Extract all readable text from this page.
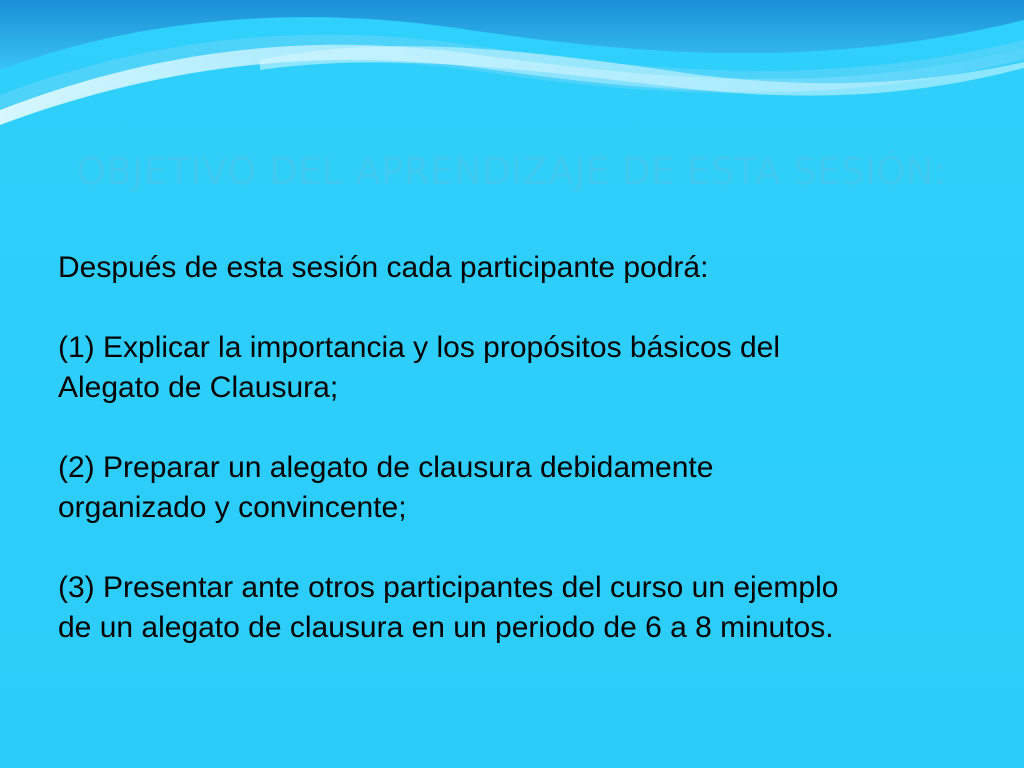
OBJETIVO DEL APRENDIZAJE DE ESTA SESIÓN:

Después de esta sesión cada participante podrá:

(1) Explicar la importancia y los propósitos básicos del
Alegato de Clausura;

(2) Preparar un alegato de clausura debidamente
organizado y convincente;

(3) Presentar ante otros participantes del curso un ejemplo
de un alegato de clausura en un periodo de 6 a 8 minutos.
